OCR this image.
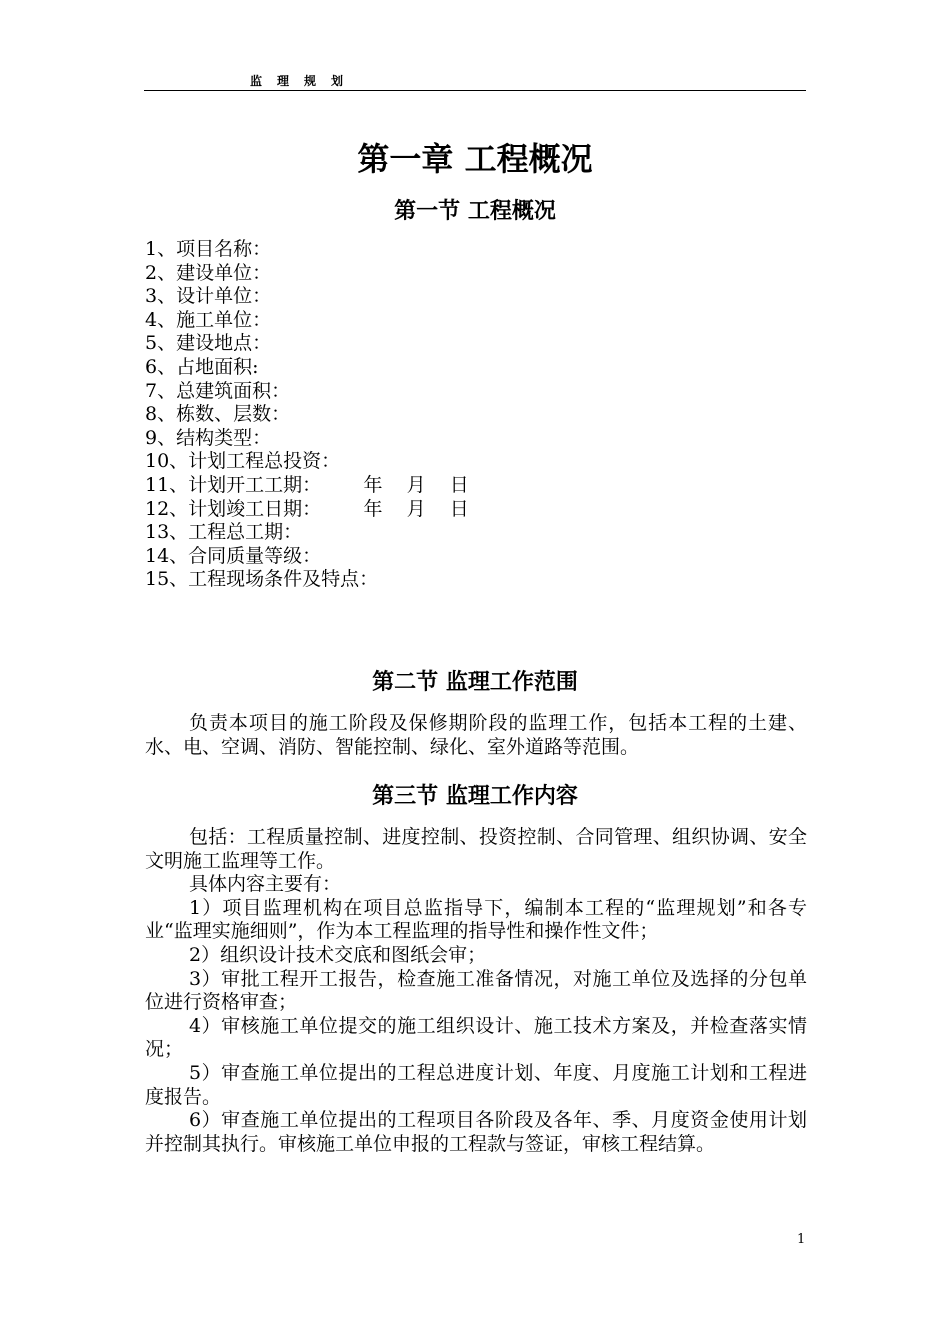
监理规划
第一章 工程概况
第一节 工程概况
1、项目名称：
2、建设单位：
3、设计单位：
4、施工单位：
5、建设地点：
6、占地面积:
7、总建筑面积：
8、栋数、层数：
9、结构类型：
10、计划工程总投资：
11、计划开工工期：       年    月    日
12、计划竣工日期：       年    月    日
13、工程总工期：
14、合同质量等级：
15、工程现场条件及特点：
第二节 监理工作范围

负责本项目的施工阶段及保修期阶段的监理工作，包括本工程的土建、水、电、空调、消防、智能控制、绿化、室外道路等范围。

第三节 监理工作内容

包括：工程质量控制、进度控制、投资控制、合同管理、组织协调、安全文明施工监理等工作。

具体内容主要有：

1）项目监理机构在项目总监指导下，编制本工程的“监理规划”和各专业“监理实施细则”，作为本工程监理的指导性和操作性文件；

2）组织设计技术交底和图纸会审；

3）审批工程开工报告，检查施工准备情况，对施工单位及选择的分包单位进行资格审查；

4）审核施工单位提交的施工组织设计、施工技术方案及，并检查落实情况；

5）审查施工单位提出的工程总进度计划、年度、月度施工计划和工程进度报告。

6）审查施工单位提出的工程项目各阶段及各年、季、月度资金使用计划并控制其执行。审核施工单位申报的工程款与签证，审核工程结算。

1
